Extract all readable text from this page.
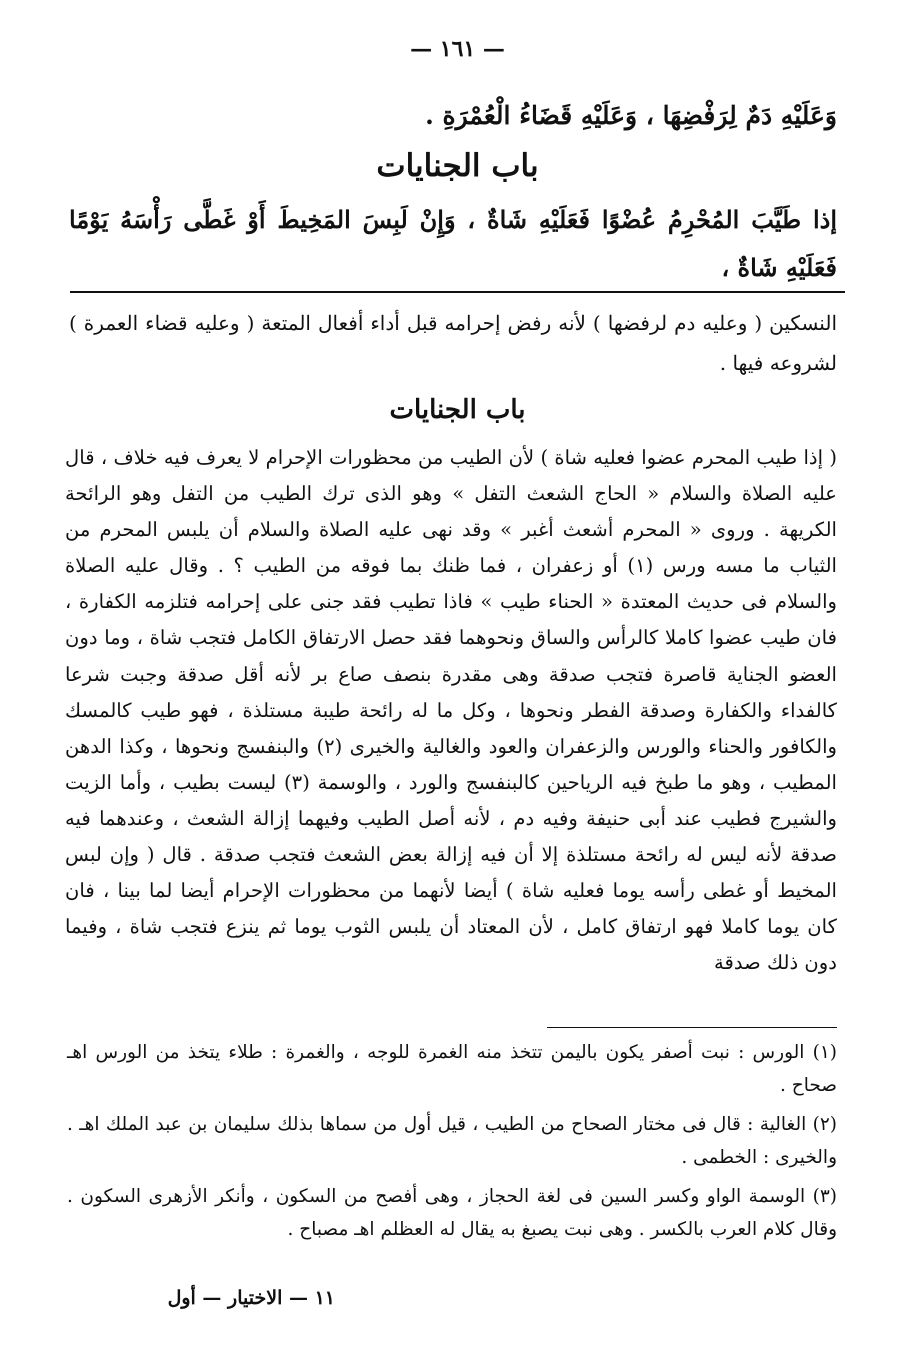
— ١٦١ —
وَعَلَيْهِ دَمٌ لِرَفْضِهَا ، وَعَلَيْهِ قَضَاءُ الْعُمْرَةِ .
باب الجنايات

إذا طَيَّبَ المُحْرِمُ عُضْوًا فَعَلَيْهِ شَاةٌ ، وَإِنْ لَبِسَ المَخِيطَ أَوْ غَطَّى رَأْسَهُ يَوْمًا فَعَلَيْهِ شَاةٌ ،

النسكين ( وعليه دم لرفضها ) لأنه رفض إحرامه قبل أداء أفعال المتعة ( وعليه قضاء العمرة ) لشروعه فيها .

باب الجنايات

( إذا طيب المحرم عضوا فعليه شاة ) لأن الطيب من محظورات الإحرام لا يعرف فيه خلاف ، قال عليه الصلاة والسلام « الحاج الشعث التفل » وهو الذى ترك الطيب من التفل وهو الرائحة الكريهة . وروى « المحرم أشعث أغبر » وقد نهى عليه الصلاة والسلام أن يلبس المحرم من الثياب ما مسه ورس (١) أو زعفران ، فما ظنك بما فوقه من الطيب ؟ . وقال عليه الصلاة والسلام فى حديث المعتدة « الحناء طيب » فاذا تطيب فقد جنى على إحرامه فتلزمه الكفارة ، فان طيب عضوا كاملا كالرأس والساق ونحوهما فقد حصل الارتفاق الكامل فتجب شاة ، وما دون العضو الجناية قاصرة فتجب صدقة وهى مقدرة بنصف صاع بر لأنه أقل صدقة وجبت شرعا كالفداء والكفارة وصدقة الفطر ونحوها ، وكل ما له رائحة طيبة مستلذة ، فهو طيب كالمسك والكافور والحناء والورس والزعفران والعود والغالية والخيرى (٢) والبنفسج ونحوها ، وكذا الدهن المطيب ، وهو ما طبخ فيه الرياحين كالبنفسج والورد ، والوسمة (٣) ليست بطيب ، وأما الزيت والشيرج فطيب عند أبى حنيفة وفيه دم ، لأنه أصل الطيب وفيهما إزالة الشعث ، وعندهما فيه صدقة لأنه ليس له رائحة مستلذة إلا أن فيه إزالة بعض الشعث فتجب صدقة . قال ( وإن لبس المخيط أو غطى رأسه يوما فعليه شاة ) أيضا لأنهما من محظورات الإحرام أيضا لما بينا ، فان كان يوما كاملا فهو ارتفاق كامل ، لأن المعتاد أن يلبس الثوب يوما ثم ينزع فتجب شاة ، وفيما دون ذلك صدقة

(١) الورس : نبت أصفر يكون باليمن تتخذ منه الغمرة للوجه ، والغمرة : طلاء يتخذ من الورس اهـ صحاح .

(٢) الغالية : قال فى مختار الصحاح من الطيب ، قيل أول من سماها بذلك سليمان بن عبد الملك اهـ . والخيرى : الخطمى .

(٣) الوسمة الواو وكسر السين فى لغة الحجاز ، وهى أفصح من السكون ، وأنكر الأزهرى السكون . وقال كلام العرب بالكسر . وهى نبت يصبغ به يقال له العظلم اهـ مصباح .

١١ — الاختيار — أول
